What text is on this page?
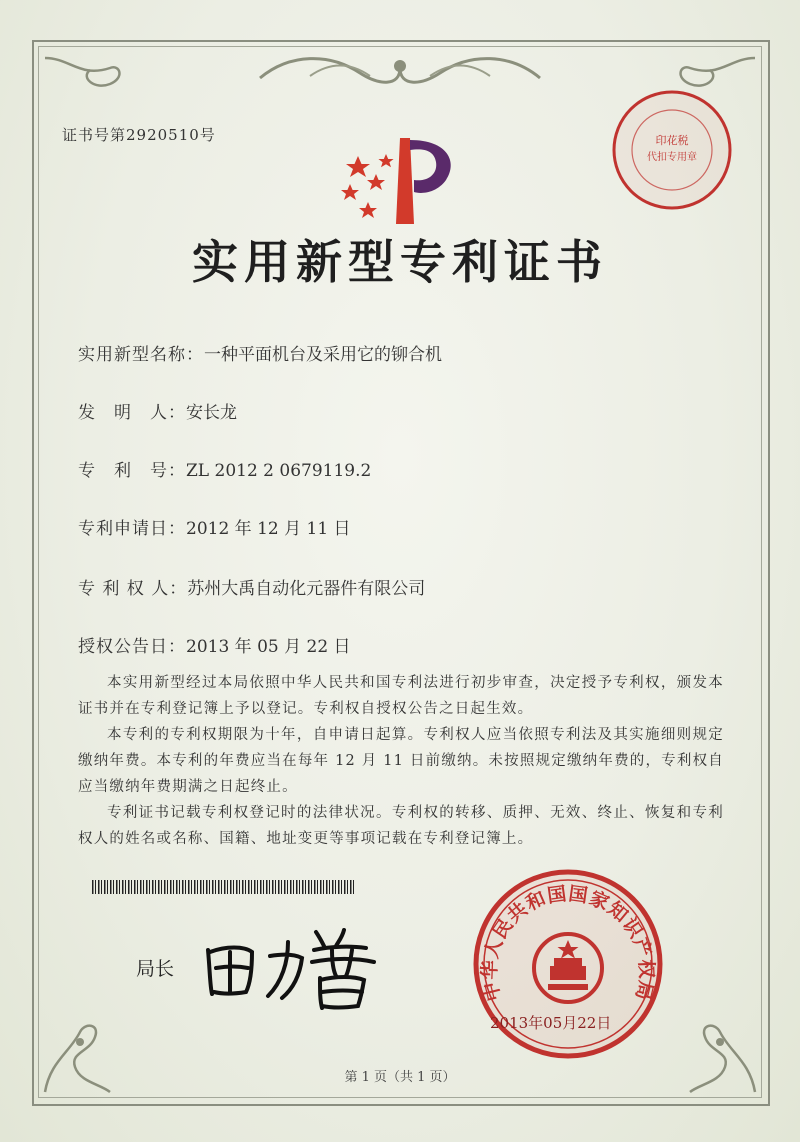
证书号第2920510号
实用新型专利证书
实用新型名称：一种平面机台及采用它的铆合机
发　明　人：安长龙
专　利　号：ZL 2012 2 0679119.2
专利申请日：2012 年 12 月 11 日
专 利 权 人：苏州大禹自动化元器件有限公司
授权公告日：2013 年 05 月 22 日

本实用新型经过本局依照中华人民共和国专利法进行初步审查，决定授予专利权，颁发本证书并在专利登记簿上予以登记。专利权自授权公告之日起生效。

本专利的专利权期限为十年，自申请日起算。专利权人应当依照专利法及其实施细则规定缴纳年费。本专利的年费应当在每年 12 月 11 日前缴纳。未按照规定缴纳年费的，专利权自应当缴纳年费期满之日起终止。

专利证书记载专利权登记时的法律状况。专利权的转移、质押、无效、终止、恢复和专利权人的姓名或名称、国籍、地址变更等事项记载在专利登记簿上。

局长
印花税
代扣专用章
中华人民共和国国家知识产权局
2013年05月22日
第 1 页（共 1 页）
